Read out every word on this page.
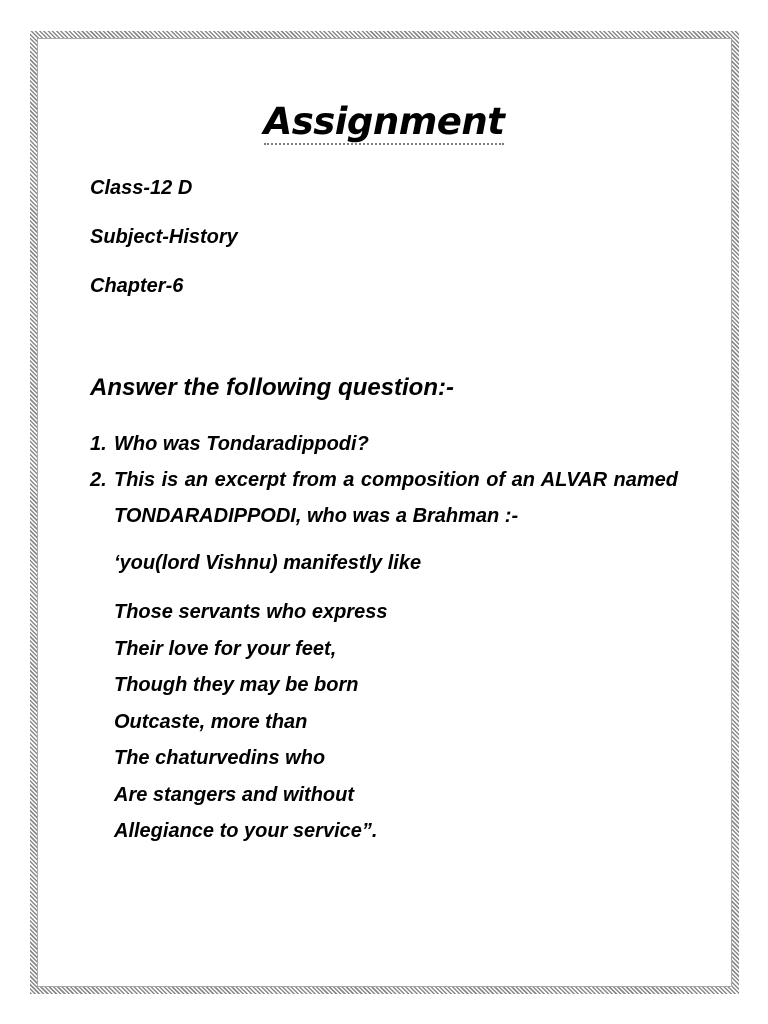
Assignment

Class-12 D

Subject-History

Chapter-6

Answer the following question:-
1. Who was Tondaradippodi?
2. This is an excerpt from a composition of an ALVAR named TONDARADIPPODI, who was a Brahman :-

‘you(lord Vishnu) manifestly like

Those servants who express
Their love for your feet,
Though they may be born
Outcaste, more than
The chaturvedins who
Are stangers and without
Allegiance to your service”.
